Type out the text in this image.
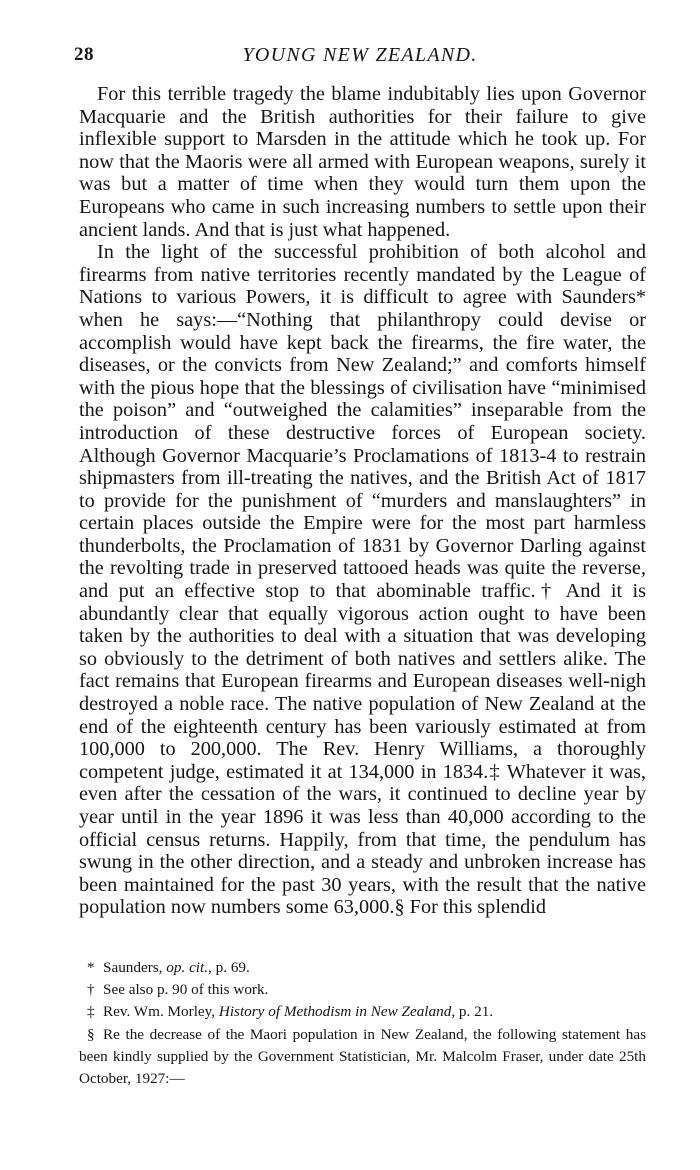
28	YOUNG NEW ZEALAND.

For this terrible tragedy the blame indubitably lies upon Governor Macquarie and the British authorities for their failure to give inflexible support to Marsden in the attitude which he took up. For now that the Maoris were all armed with European weapons, surely it was but a matter of time when they would turn them upon the Europeans who came in such increasing numbers to settle upon their ancient lands. And that is just what happened.

In the light of the successful prohibition of both alcohol and firearms from native territories recently mandated by the League of Nations to various Powers, it is difficult to agree with Saunders* when he says:—“Nothing that philanthropy could devise or accomplish would have kept back the firearms, the fire water, the diseases, or the convicts from New Zealand;” and comforts himself with the pious hope that the blessings of civilisation have “minimised the poison” and “outweighed the calamities” inseparable from the introduction of these destructive forces of European society. Although Governor Macquarie’s Proclamations of 1813-4 to restrain shipmasters from ill-treating the natives, and the British Act of 1817 to provide for the punishment of “murders and manslaughters” in certain places outside the Empire were for the most part harmless thunderbolts, the Proclamation of 1831 by Governor Darling against the revolting trade in preserved tattooed heads was quite the reverse, and put an effective stop to that abominable traffic.† And it is abundantly clear that equally vigorous action ought to have been taken by the authorities to deal with a situation that was developing so obviously to the detriment of both natives and settlers alike. The fact remains that European firearms and European diseases well-nigh destroyed a noble race. The native population of New Zealand at the end of the eighteenth century has been variously estimated at from 100,000 to 200,000. The Rev. Henry Williams, a thoroughly competent judge, estimated it at 134,000 in 1834.‡ Whatever it was, even after the cessation of the wars, it continued to decline year by year until in the year 1896 it was less than 40,000 according to the official census returns. Happily, from that time, the pendulum has swung in the other direction, and a steady and unbroken increase has been maintained for the past 30 years, with the result that the native population now numbers some 63,000.§ For this splendid

* Saunders, op. cit., p. 69.

† See also p. 90 of this work.

‡ Rev. Wm. Morley, History of Methodism in New Zealand, p. 21.

§ Re the decrease of the Maori population in New Zealand, the following statement has been kindly supplied by the Government Statistician, Mr. Malcolm Fraser, under date 25th October, 1927:—
